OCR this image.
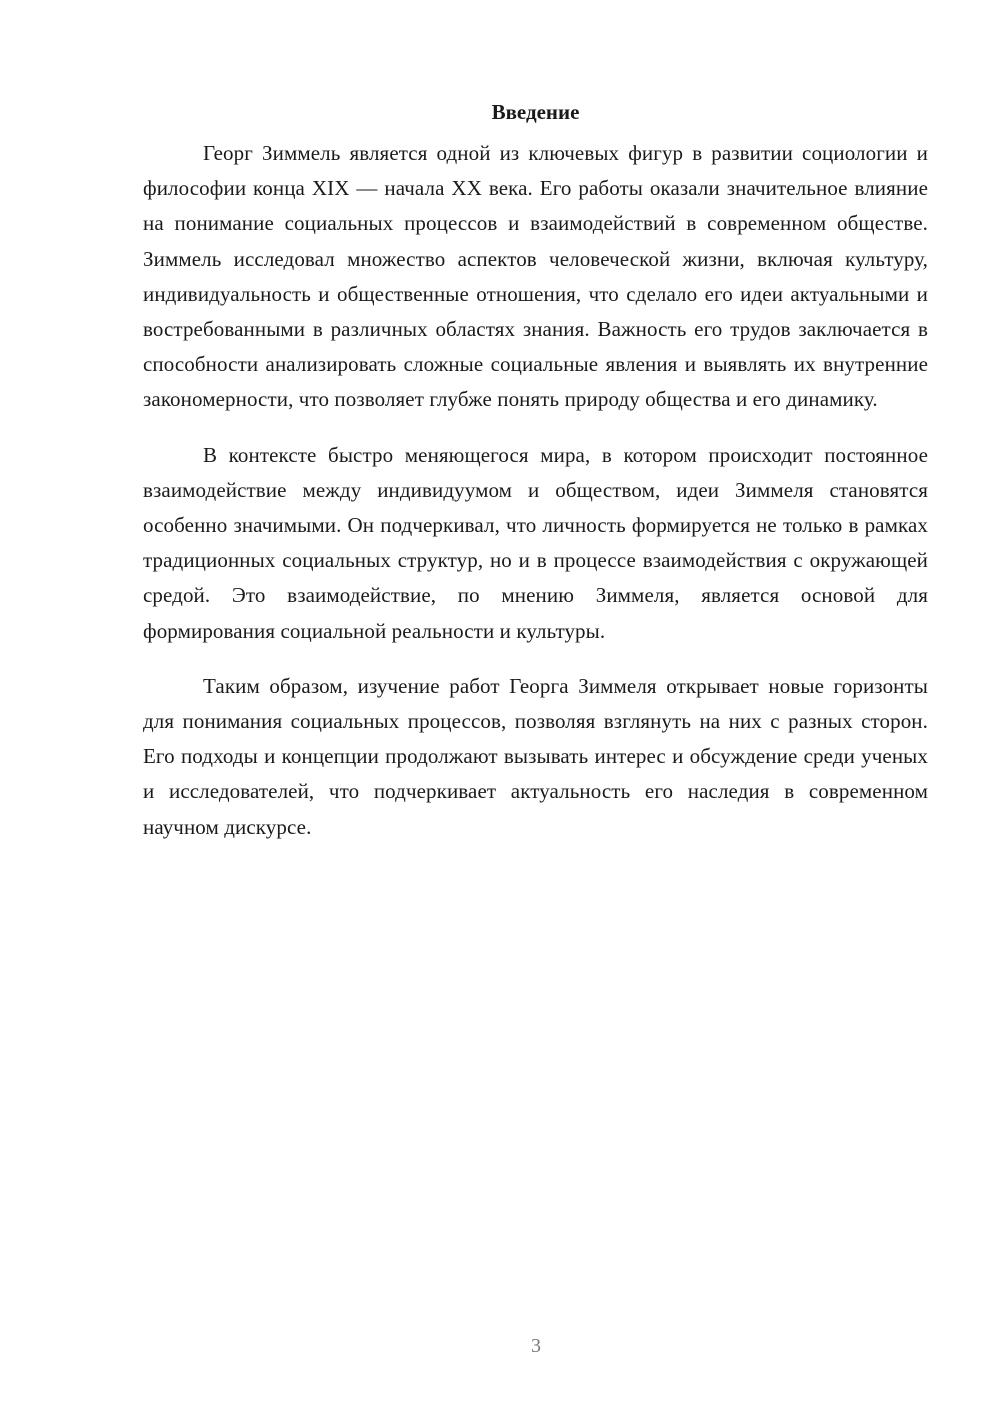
Введение

Георг Зиммель является одной из ключевых фигур в развитии социологии и философии конца XIX — начала XX века. Его работы оказали значительное влияние на понимание социальных процессов и взаимодействий в современном обществе. Зиммель исследовал множество аспектов человеческой жизни, включая культуру, индивидуальность и общественные отношения, что сделало его идеи актуальными и востребованными в различных областях знания. Важность его трудов заключается в способности анализировать сложные социальные явления и выявлять их внутренние закономерности, что позволяет глубже понять природу общества и его динамику.

В контексте быстро меняющегося мира, в котором происходит постоянное взаимодействие между индивидуумом и обществом, идеи Зиммеля становятся особенно значимыми. Он подчеркивал, что личность формируется не только в рамках традиционных социальных структур, но и в процессе взаимодействия с окружающей средой. Это взаимодействие, по мнению Зиммеля, является основой для формирования социальной реальности и культуры.

Таким образом, изучение работ Георга Зиммеля открывает новые горизонты для понимания социальных процессов, позволяя взглянуть на них с разных сторон. Его подходы и концепции продолжают вызывать интерес и обсуждение среди ученых и исследователей, что подчеркивает актуальность его наследия в современном научном дискурсе.

3
